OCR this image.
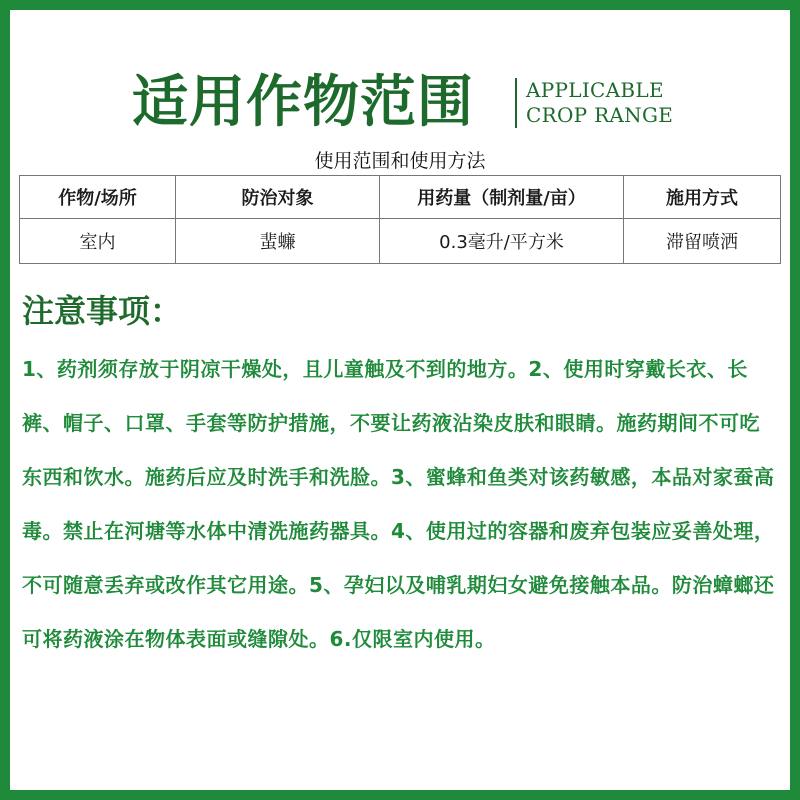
适用作物范围	APPLICABLE
CROP RANGE
使用范围和使用方法
作物/场所	防治对象	用药量（制剂量/亩）	施用方式
室内	蜚蠊	0.3毫升/平方米	滞留喷洒
注意事项：
1、药剂须存放于阴凉干燥处，且儿童触及不到的地方。2、使用时穿戴长衣、长裤、帽子、口罩、手套等防护措施，不要让药液沾染皮肤和眼睛。施药期间不可吃东西和饮水。施药后应及时洗手和洗脸。3、蜜蜂和鱼类对该药敏感，本品对家蚕高毒。禁止在河塘等水体中清洗施药器具。4、使用过的容器和废弃包装应妥善处理，不可随意丢弃或改作其它用途。5、孕妇以及哺乳期妇女避免接触本品。防治蟑螂还可将药液涂在物体表面或缝隙处。6.仅限室内使用。
